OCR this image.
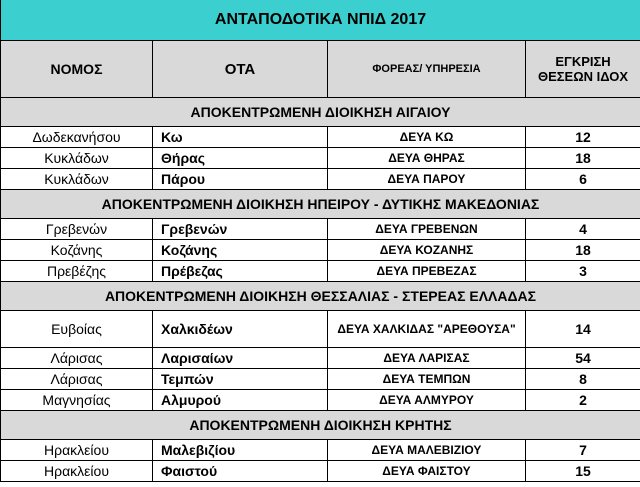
ΑΝΤΑΠΟΔΟΤΙΚΑ ΝΠΙΔ 2017			
ΝΟΜΟΣ	ΟΤΑ	ΦΟΡΕΑΣ/ ΥΠΗΡΕΣΙΑ	ΕΓΚΡΙΣΗ ΘΕΣΕΩΝ ΙΔΟΧ
ΑΠΟΚΕΝΤΡΩΜΕΝΗ ΔΙΟΙΚΗΣΗ ΑΙΓΑΙΟΥ			
Δωδεκανήσου	Κω	ΔΕΥΑ ΚΩ	12
Κυκλάδων	Θήρας	ΔΕΥΑ ΘΗΡΑΣ	18
Κυκλάδων	Πάρου	ΔΕΥΑ ΠΑΡΟΥ	6
ΑΠΟΚΕΝΤΡΩΜΕΝΗ ΔΙΟΙΚΗΣΗ ΗΠΕΙΡΟΥ - ΔΥΤΙΚΗΣ ΜΑΚΕΔΟΝΙΑΣ			
Γρεβενών	Γρεβενών	ΔΕΥΑ ΓΡΕΒΕΝΩΝ	4
Κοζάνης	Κοζάνης	ΔΕΥΑ ΚΟΖΑΝΗΣ	18
Πρεβέζης	Πρέβεζας	ΔΕΥΑ ΠΡΕΒΕΖΑΣ	3
ΑΠΟΚΕΝΤΡΩΜΕΝΗ ΔΙΟΙΚΗΣΗ ΘΕΣΣΑΛΙΑΣ - ΣΤΕΡΕΑΣ ΕΛΛΑΔΑΣ			
Ευβοίας	Χαλκιδέων	ΔΕΥΑ ΧΑΛΚΙΔΑΣ "ΑΡΕΘΟΥΣΑ"	14
Λάρισας	Λαρισαίων	ΔΕΥΑ ΛΑΡΙΣΑΣ	54
Λάρισας	Τεμπών	ΔΕΥΑ ΤΕΜΠΩΝ	8
Μαγνησίας	Αλμυρού	ΔΕΥΑ ΑΛΜΥΡΟΥ	2
ΑΠΟΚΕΝΤΡΩΜΕΝΗ ΔΙΟΙΚΗΣΗ ΚΡΗΤΗΣ			
Ηρακλείου	Μαλεβιζίου	ΔΕΥΑ ΜΑΛΕΒΙΖΙΟΥ	7
Ηρακλείου	Φαιστού	ΔΕΥΑ ΦΑΙΣΤΟΥ	15
